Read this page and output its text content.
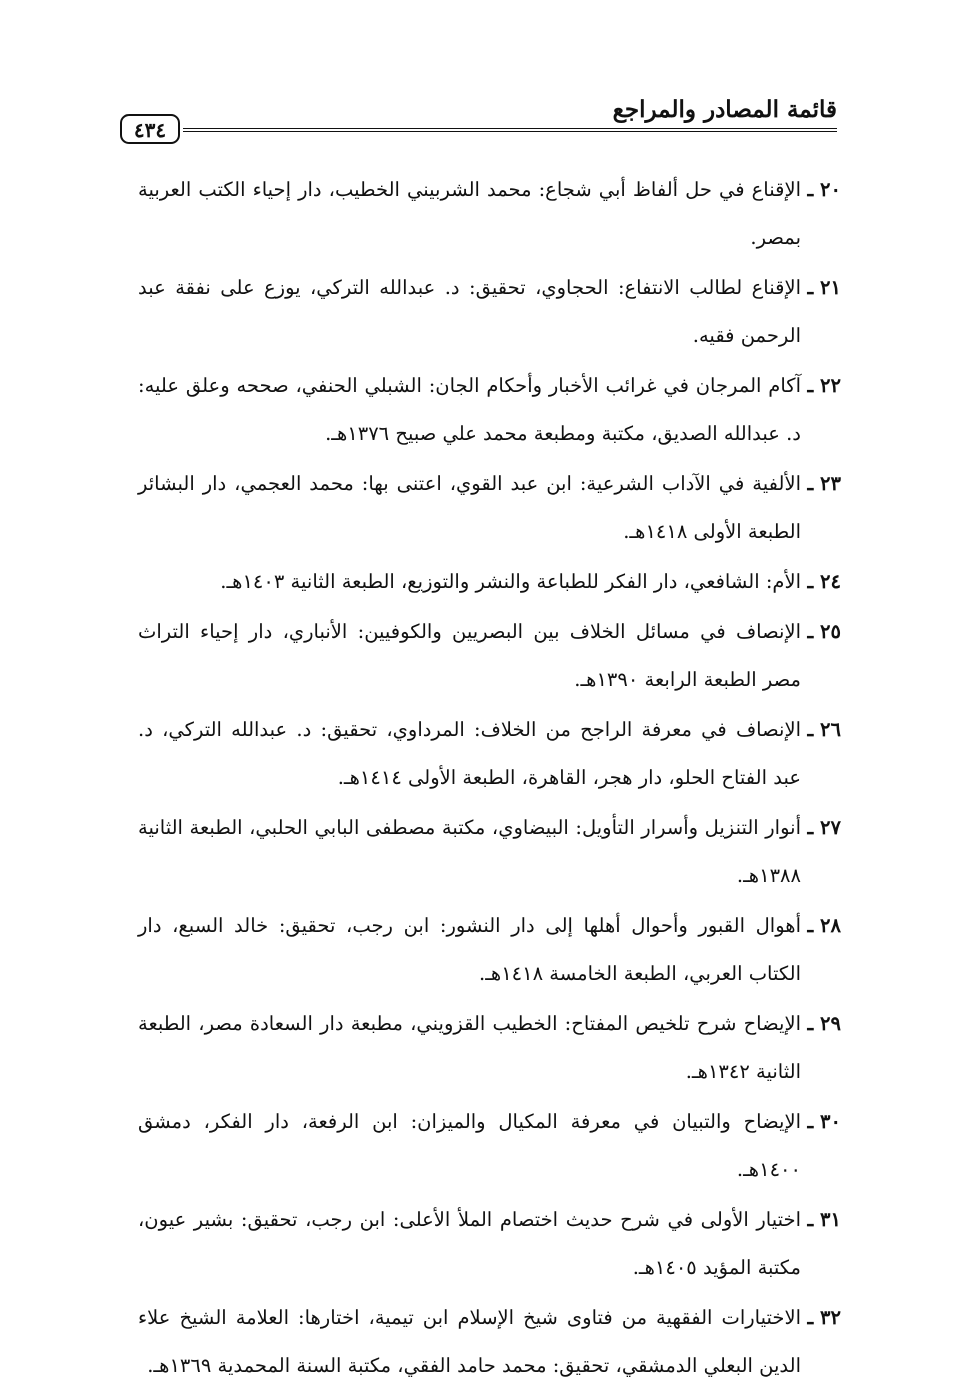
قائمة المصادر والمراجع
٤٣٤
٢٠ ـ
الإقناع في حل ألفاظ أبي شجاع: محمد الشربيني الخطيب، دار إحياء الكتب العربية بمصر.
٢١ ـ
الإقناع لطالب الانتفاع: الحجاوي، تحقيق: د. عبدالله التركي، يوزع على نفقة عبد الرحمن فقيه.
٢٢ ـ
آكام المرجان في غرائب الأخبار وأحكام الجان: الشبلي الحنفي، صححه وعلق عليه: د. عبدالله الصديق، مكتبة ومطبعة محمد علي صبيح ١٣٧٦هـ.
٢٣ ـ
الألفية في الآداب الشرعية: ابن عبد القوي، اعتنى بها: محمد العجمي، دار البشائر الطبعة الأولى ١٤١٨هـ.
٢٤ ـ
الأم: الشافعي، دار الفكر للطباعة والنشر والتوزيع، الطبعة الثانية ١٤٠٣هـ.
٢٥ ـ
الإنصاف في مسائل الخلاف بين البصريين والكوفيين: الأنباري، دار إحياء التراث مصر الطبعة الرابعة ١٣٩٠هـ.
٢٦ ـ
الإنصاف في معرفة الراجح من الخلاف: المرداوي، تحقيق: د. عبدالله التركي، د. عبد الفتاح الحلو، دار هجر، القاهرة، الطبعة الأولى ١٤١٤هـ.
٢٧ ـ
أنوار التنزيل وأسرار التأويل: البيضاوي، مكتبة مصطفى البابي الحلبي، الطبعة الثانية ١٣٨٨هـ.
٢٨ ـ
أهوال القبور وأحوال أهلها إلى دار النشور: ابن رجب، تحقيق: خالد السبع، دار الكتاب العربي، الطبعة الخامسة ١٤١٨هـ.
٢٩ ـ
الإيضاح شرح تلخيص المفتاح: الخطيب القزويني، مطبعة دار السعادة مصر، الطبعة الثانية ١٣٤٢هـ.
٣٠ ـ
الإيضاح والتبيان في معرفة المكيال والميزان: ابن الرفعة، دار الفكر، دمشق ١٤٠٠هـ.
٣١ ـ
اختيار الأولى في شرح حديث اختصام الملأ الأعلى: ابن رجب، تحقيق: بشير عيون، مكتبة المؤيد ١٤٠٥هـ.
٣٢ ـ
الاختيارات الفقهية من فتاوى شيخ الإسلام ابن تيمية، اختارها: العلامة الشيخ علاء الدين البعلي الدمشقي، تحقيق: محمد حامد الفقي، مكتبة السنة المحمدية ١٣٦٩هـ.
